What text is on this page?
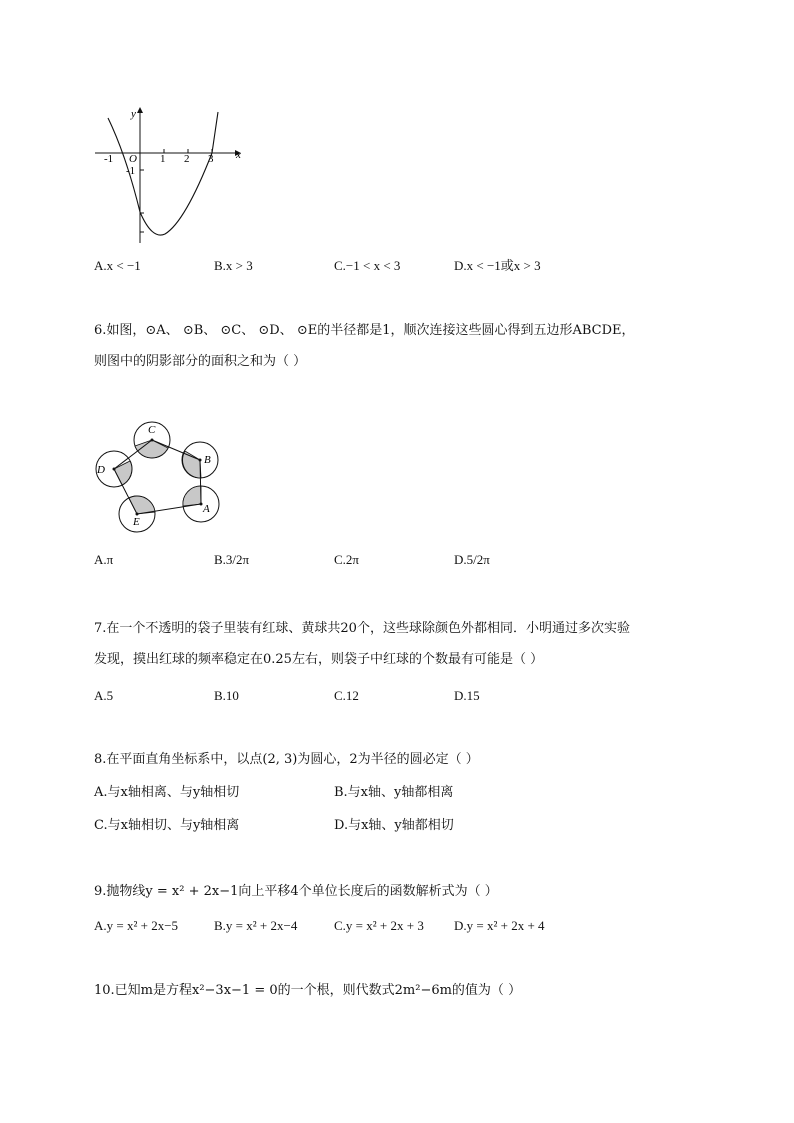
y
x
O
-1	1 2 3
-1
A.x < −1	B.x > 3	C.−1 < x < 3	D.x < −1或x > 3
6.如图，⊙A、 ⊙B、 ⊙C、 ⊙D、 ⊙E的半径都是1，顺次连接这些圆心得到五边形ABCDE，
则图中的阴影部分的面积之和为（ ）
C
B
A
E
D
A.π	B.3/2π	C.2π	D.5/2π
7.在一个不透明的袋子里装有红球、黄球共20个，这些球除颜色外都相同．小明通过多次实验
发现，摸出红球的频率稳定在0.25左右，则袋子中红球的个数最有可能是（ ）
A.5	B.10	C.12	D.15
8.在平面直角坐标系中，以点(2, 3)为圆心，2为半径的圆必定（ ）
A.与x轴相离、与y轴相切	B.与x轴、y轴都相离
C.与x轴相切、与y轴相离	D.与x轴、y轴都相切
9.抛物线y = x² + 2x−1向上平移4个单位长度后的函数解析式为（ ）
A.y = x² + 2x−5	B.y = x² + 2x−4	C.y = x² + 2x + 3 D.y = x² + 2x + 4
10.已知m是方程x²−3x−1 = 0的一个根，则代数式2m²−6m的值为（ ）
